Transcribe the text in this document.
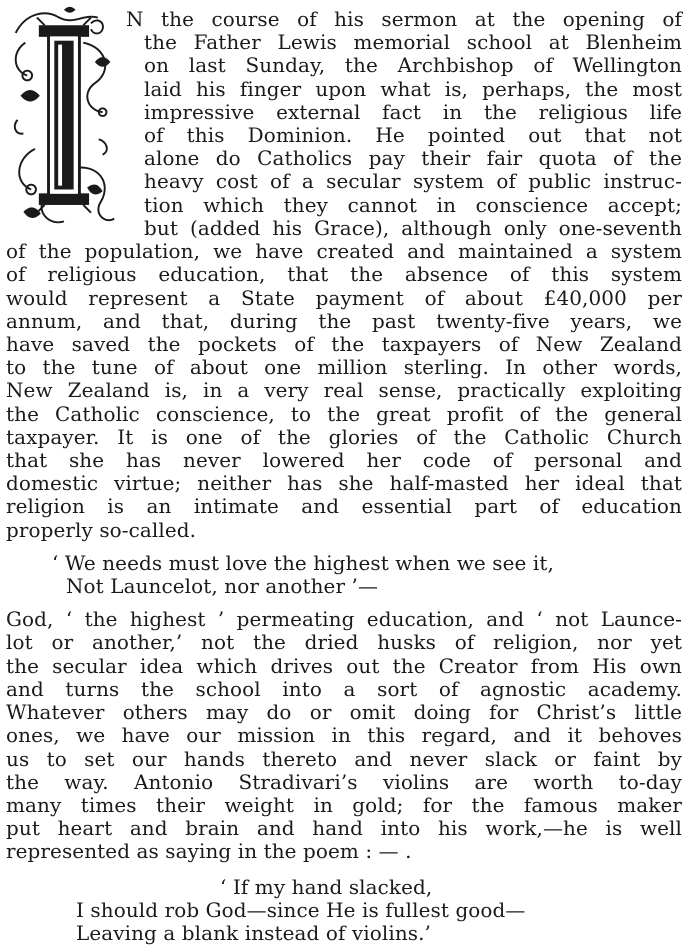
N the course of his sermon at the opening of
the Father Lewis memorial school at Blenheim
on last Sunday, the Archbishop of Wellington
laid his finger upon what is, perhaps, the most
impressive external fact in the religious life
of this Dominion. He pointed out that not
alone do Catholics pay their fair quota of the
heavy cost of a secular system of public instruc-
tion which they cannot in conscience accept;
but (added his Grace), although only one-seventh
of the population, we have created and maintained a system
of religious education, that the absence of this system
would represent a State payment of about £40,000 per
annum, and that, during the past twenty-five years, we
have saved the pockets of the taxpayers of New Zealand
to the tune of about one million sterling. In other words,
New Zealand is, in a very real sense, practically exploiting
the Catholic conscience, to the great profit of the general
taxpayer. It is one of the glories of the Catholic Church
that she has never lowered her code of personal and
domestic virtue; neither has she half-masted her ideal that
religion is an intimate and essential part of education
properly so-called.
‘ We needs must love the highest when we see it,
Not Launcelot, nor another ’—
God, ‘ the highest ’ permeating education, and ‘ not Launce-
lot or another,’ not the dried husks of religion, nor yet
the secular idea which drives out the Creator from His own
and turns the school into a sort of agnostic academy.
Whatever others may do or omit doing for Christ’s little
ones, we have our mission in this regard, and it behoves
us to set our hands thereto and never slack or faint by
the way. Antonio Stradivari’s violins are worth to-day
many times their weight in gold; for the famous maker
put heart and brain and hand into his work,—he is well
represented as saying in the poem : — .
‘ If my hand slacked,
I should rob God—since He is fullest good—
Leaving a blank instead of violins.’
